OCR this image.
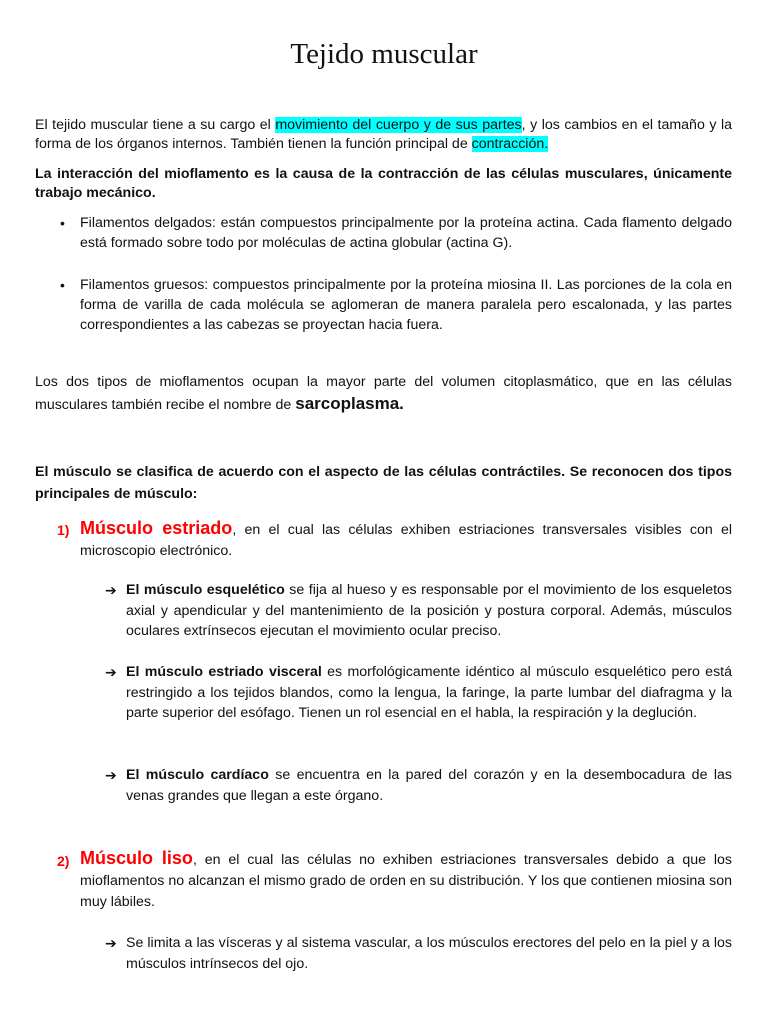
Tejido muscular
El tejido muscular tiene a su cargo el movimiento del cuerpo y de sus partes, y los cambios en el tamaño y la forma de los órganos internos. También tienen la función principal de contracción.
La interacción del mioflamento es la causa de la contracción de las células musculares, únicamente trabajo mecánico.
• Filamentos delgados: están compuestos principalmente por la proteína actina. Cada flamento delgado está formado sobre todo por moléculas de actina globular (actina G).
• Filamentos gruesos: compuestos principalmente por la proteína miosina II. Las porciones de la cola en forma de varilla de cada molécula se aglomeran de manera paralela pero escalonada, y las partes correspondientes a las cabezas se proyectan hacia fuera.
Los dos tipos de mioflamentos ocupan la mayor parte del volumen citoplasmático, que en las células musculares también recibe el nombre de sarcoplasma.
El músculo se clasifica de acuerdo con el aspecto de las células contráctiles. Se reconocen dos tipos principales de músculo:
1) Músculo estriado, en el cual las células exhiben estriaciones transversales visibles con el microscopio electrónico.
➔ El músculo esquelético se fija al hueso y es responsable por el movimiento de los esqueletos axial y apendicular y del mantenimiento de la posición y postura corporal. Además, músculos oculares extrínsecos ejecutan el movimiento ocular preciso.
➔ El músculo estriado visceral es morfológicamente idéntico al músculo esquelético pero está restringido a los tejidos blandos, como la lengua, la faringe, la parte lumbar del diafragma y la parte superior del esófago. Tienen un rol esencial en el habla, la respiración y la deglución.
➔ El músculo cardíaco se encuentra en la pared del corazón y en la desembocadura de las venas grandes que llegan a este órgano.
2) Músculo liso, en el cual las células no exhiben estriaciones transversales debido a que los mioflamentos no alcanzan el mismo grado de orden en su distribución. Y los que contienen miosina son muy lábiles.
➔ Se limita a las vísceras y al sistema vascular, a los músculos erectores del pelo en la piel y a los músculos intrínsecos del ojo.
